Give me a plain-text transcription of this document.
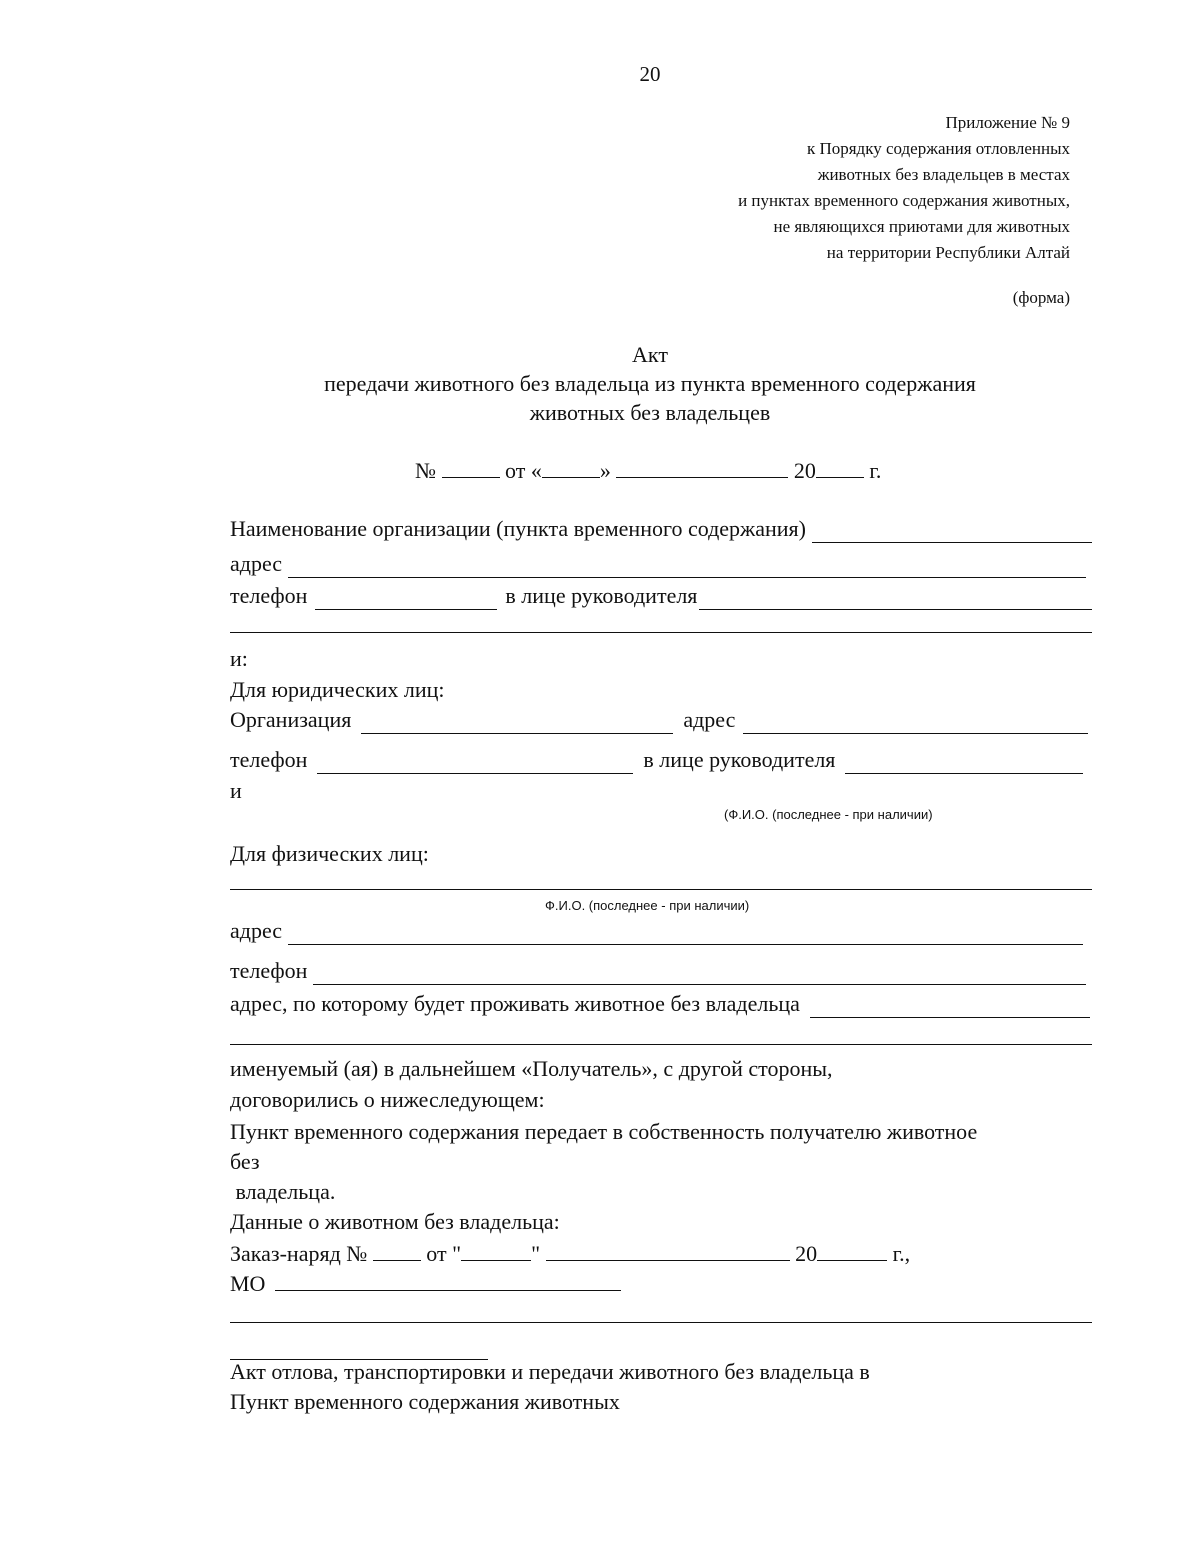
20
Приложение № 9
к Порядку содержания отловленных
животных без владельцев в местах
и пунктах временного содержания животных,
не являющихся приютами для животных
на территории Республики Алтай
(форма)
Акт
передачи животного без владельца из пункта временного содержания
животных без владельцев
№	от «	»	20 г.
Наименование организации (пункта временного содержания)
адрес
телефон	в лице руководителя
и:
Для юридических лиц:
Организация	адрес
телефон	в лице руководителя
и
(Ф.И.О. (последнее - при наличии)
Для физических лиц:
Ф.И.О. (последнее - при наличии)
адрес
телефон
адрес, по которому будет проживать животное без владельца
именуемый (ая) в дальнейшем «Получатель», с другой стороны,
договорились о нижеследующем:
Пункт временного содержания передает в собственность получателю животное
без
владельца.
Данные о животном без владельца:
Заказ-наряд №	от "	"	20	г.,
МО
Акт отлова, транспортировки и передачи животного без владельца в
Пункт временного содержания животных
